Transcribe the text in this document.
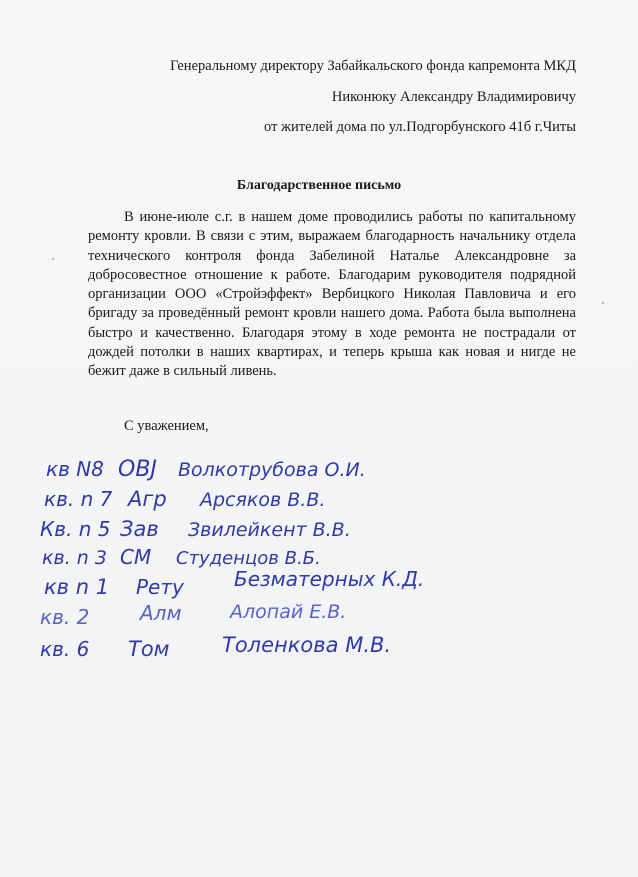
Генеральному директору Забайкальского фонда капремонта МКД
Никонюку Александру Владимировичу
от жителей дома по ул.Подгорбунского 41б г.Читы
Благодарственное письмо

В июне-июле с.г. в нашем доме проводились работы по капитальному ремонту кровли. В связи с этим, выражаем благодарность начальнику отдела технического контроля фонда Забелиной Наталье Александровне за добросовестное отношение к работе. Благодарим руководителя подрядной организации ООО «Стройэффект» Вербицкого Николая Павловича и его бригаду за проведённый ремонт кровли нашего дома. Работа была выполнена быстро и качественно. Благодаря этому в ходе ремонта не пострадали от дождей потолки в наших квартирах, и теперь крыша как новая и нигде не бежит даже в сильный ливень.

С уважением,
кв N8 OBJ Волкотрубова О.И.
кв. n 7 Агр Арсяков В.В.
Кв. n 5 Зав Звилейкент В.В.
кв. n 3 СМ Студенцов В.Б.
кв n 1 Рету	Безматерных К.Д.
кв. 2	Алм	Алопай Е.В.
кв. 6 Том Толенкова М.В.
